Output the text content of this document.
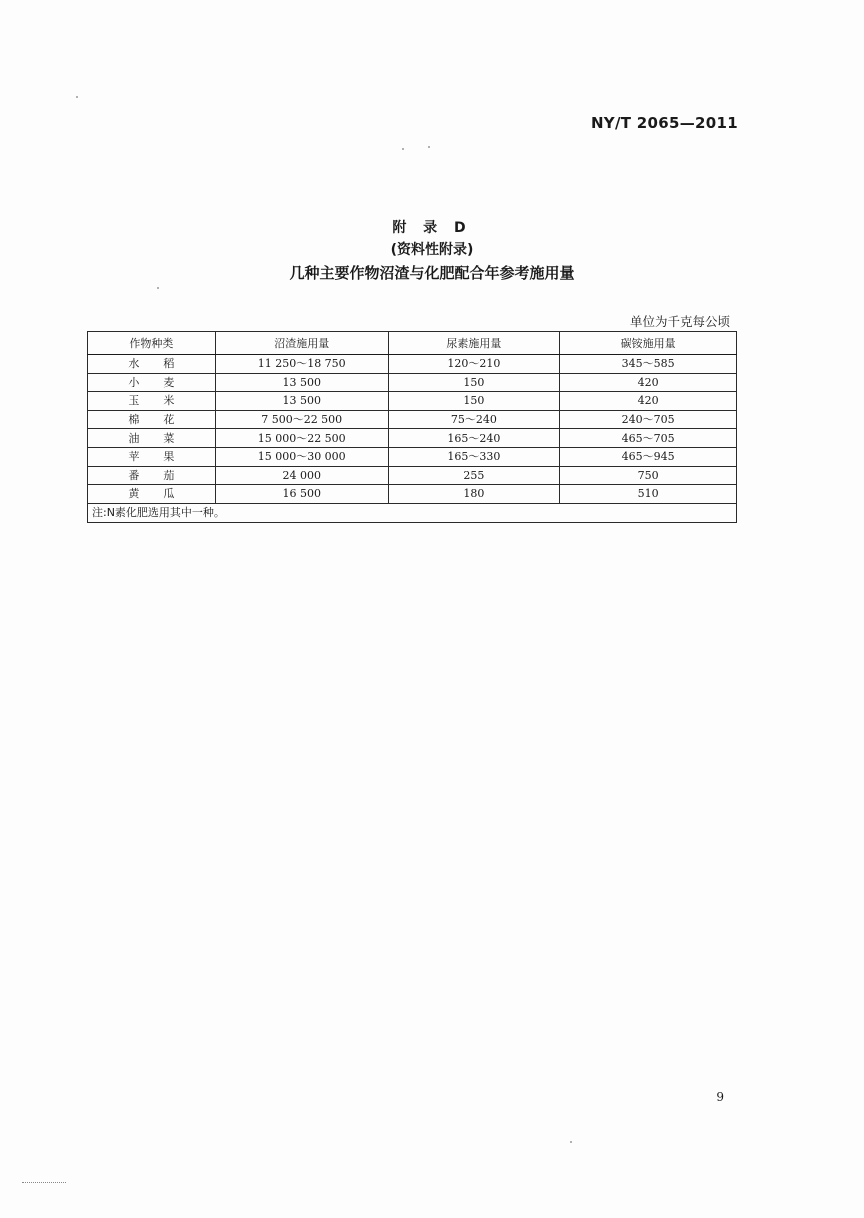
NY/T 2065—2011
附 录 D
(资料性附录)
几种主要作物沼渣与化肥配合年参考施用量
单位为千克每公顷
作物种类	沼渣施用量	尿素施用量	碳铵施用量

水 稻	11 250～18 750	120～210	345～585

小 麦	13 500	150	420

玉 米	13 500	150	420

棉 花	7 500～22 500	75～240	240～705

油 菜	15 000～22 500	165～240	465～705

苹 果	15 000～30 000	165～330	465～945

番 茄	24 000	255	750

黄 瓜	16 500	180	510
注:N素化肥选用其中一种。			
9
